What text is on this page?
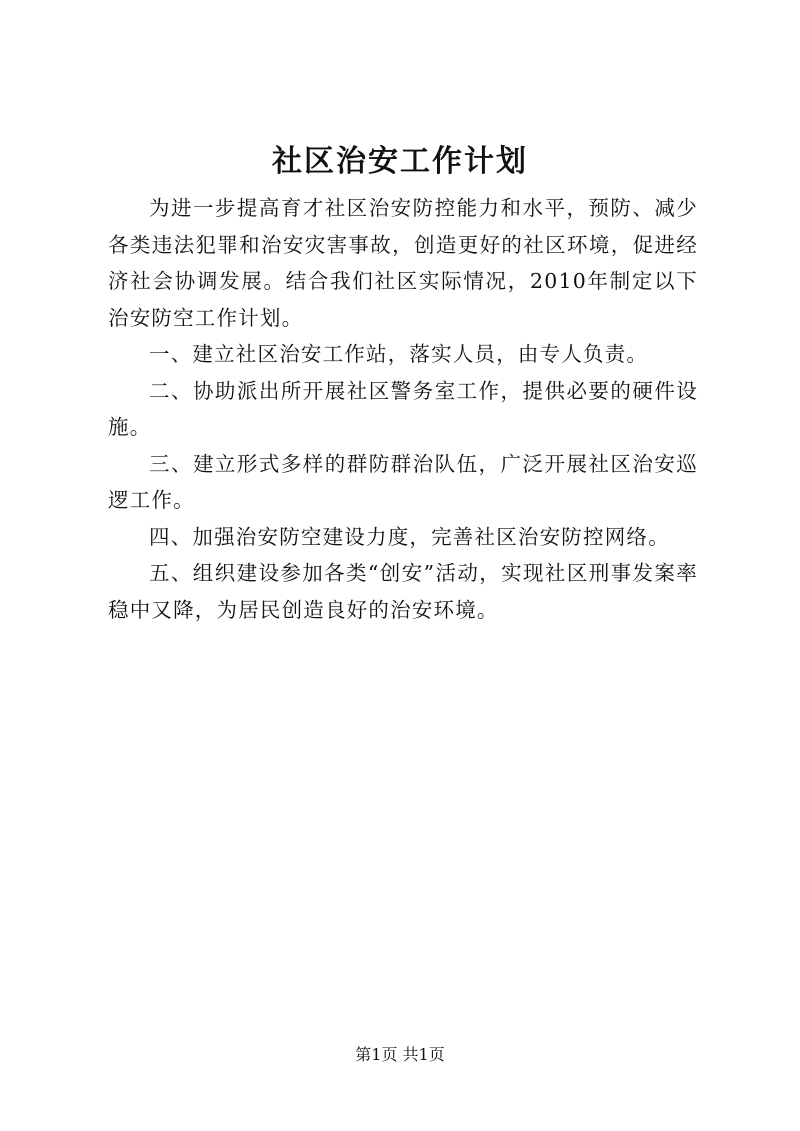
社区治安工作计划

为进一步提高育才社区治安防控能力和水平，预防、减少各类违法犯罪和治安灾害事故，创造更好的社区环境，促进经济社会协调发展。结合我们社区实际情况，2010年制定以下治安防空工作计划。

一、建立社区治安工作站，落实人员，由专人负责。

二、协助派出所开展社区警务室工作，提供必要的硬件设施。

三、建立形式多样的群防群治队伍，广泛开展社区治安巡逻工作。

四、加强治安防空建设力度，完善社区治安防控网络。

五、组织建设参加各类“创安”活动，实现社区刑事发案率稳中又降，为居民创造良好的治安环境。

第1页 共1页
